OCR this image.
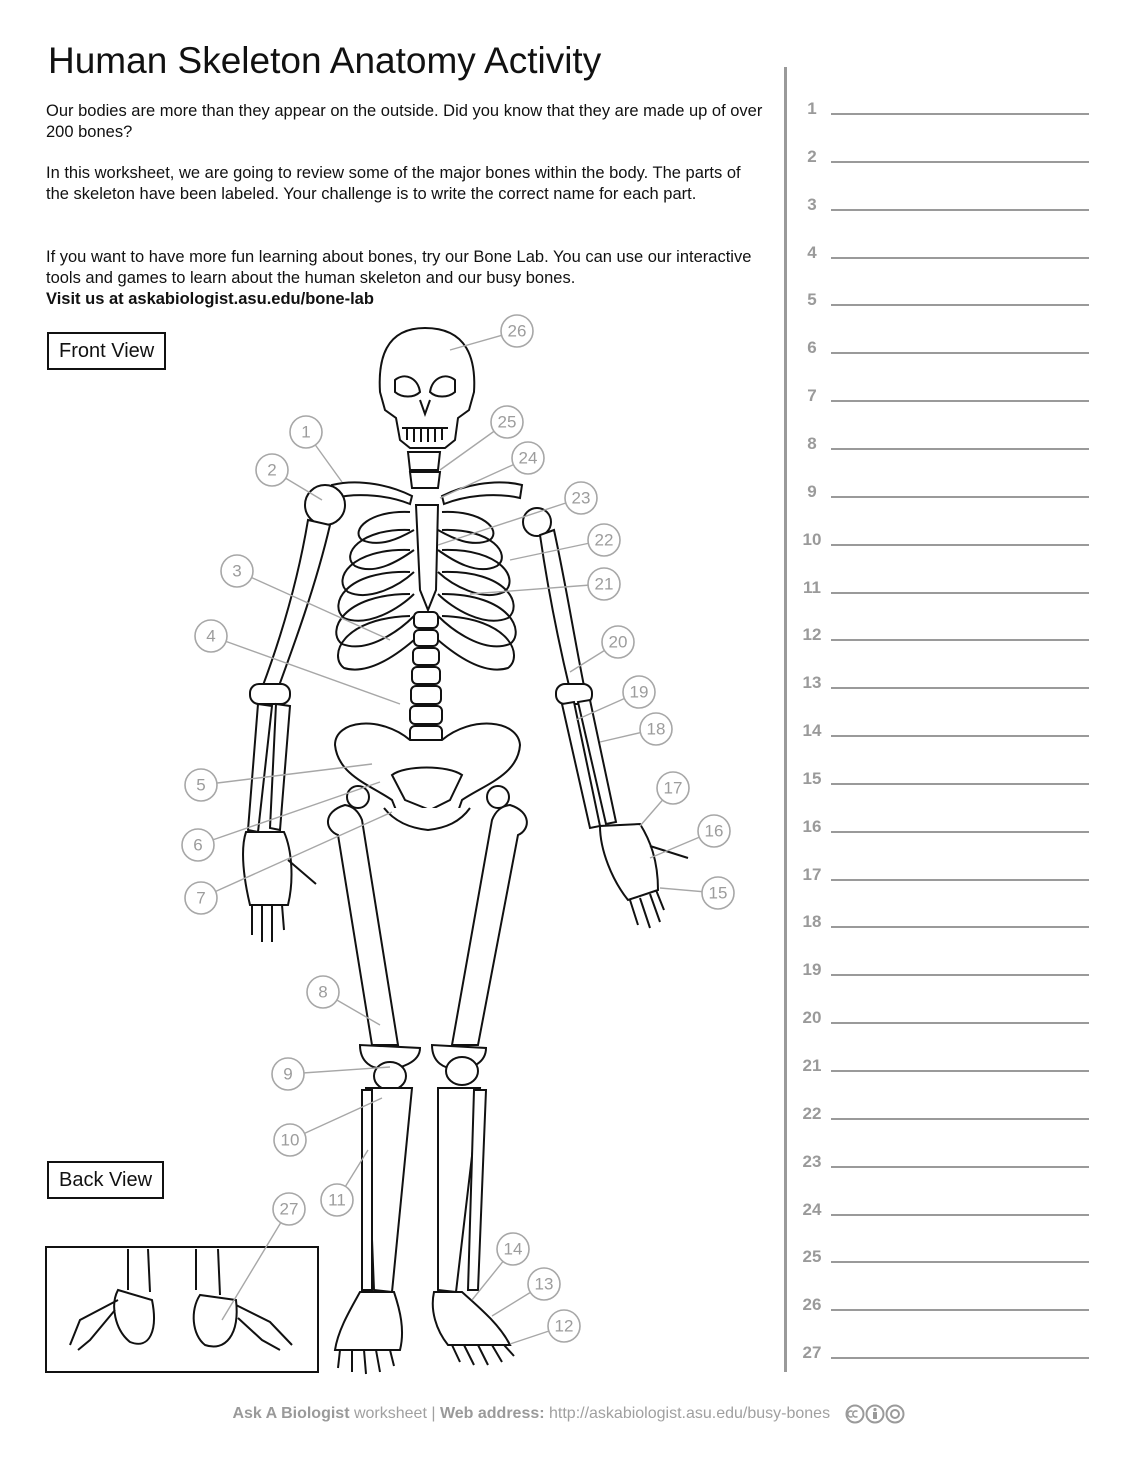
Human Skeleton Anatomy Activity

Our bodies are more than they appear on the outside. Did you know that they are made up of over 200 bones?

In this worksheet, we are going to review some of the major bones within the body. The parts of the skeleton have been labeled. Your challenge is to write the correct name for each part.

If you want to have more fun learning about bones, try our Bone Lab. You can use our interactive tools and games to learn about the human skeleton and our busy bones.
Visit us at askabiologist.asu.edu/bone-lab

Front View
Back View
1
2
3
4
5
6
7
8
9
10
11
12
13
14
15
16
17
18
19
20
21
22
23
24
25
26
27
1
2
3
4
5
6
7
8
9
10
11
12
13
14
15
16
17
18
19
20
21
22
23
24
25
26
27
Ask A Biologist worksheet | Web address: http://askabiologist.asu.edu/busy-bones
